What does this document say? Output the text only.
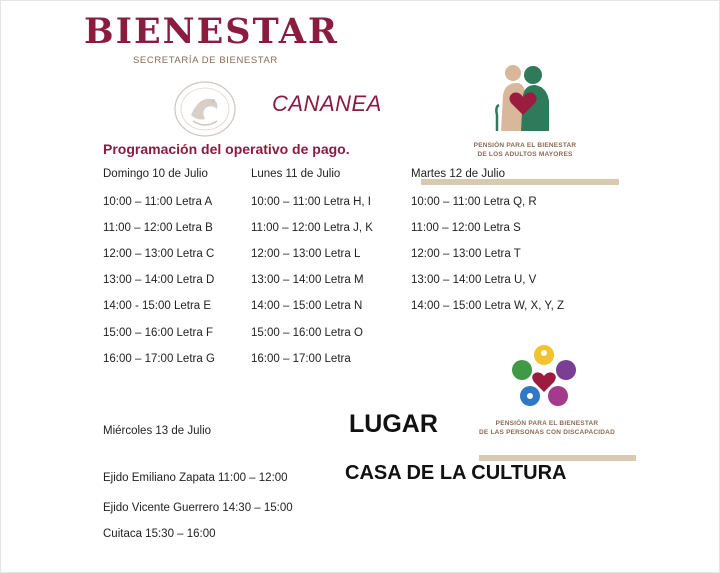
BIENESTAR
SECRETARÍA DE BIENESTAR
CANANEA
PENSIÓN PARA EL BIENESTAR
DE LOS ADULTOS MAYORES
Programación del operativo de pago.
Domingo 10 de Julio
10:00 – 11:00 Letra A
11:00 – 12:00 Letra B
12:00 – 13:00 Letra C
13:00 – 14:00 Letra D
14:00 - 15:00 Letra E
15:00 – 16:00 Letra F
16:00 – 17:00 Letra G
Lunes 11 de Julio
10:00 – 11:00 Letra H, I
11:00 – 12:00 Letra J, K
12:00 – 13:00 Letra L
13:00 – 14:00 Letra M
14:00 – 15:00 Letra N
15:00 – 16:00 Letra O
16:00 – 17:00 Letra
Martes 12 de Julio
10:00 – 11:00 Letra Q, R
11:00 – 12:00 Letra S
12:00 – 13:00 Letra T
13:00 – 14:00 Letra U, V
14:00 – 15:00 Letra W, X, Y, Z
PENSIÓN PARA EL BIENESTAR
DE LAS PERSONAS CON DISCAPACIDAD
Miércoles 13 de Julio	LUGAR
CASA DE LA CULTURA
Ejido Emiliano Zapata 11:00 – 12:00
Ejido Vicente Guerrero 14:30 – 15:00
Cuitaca 15:30 – 16:00
